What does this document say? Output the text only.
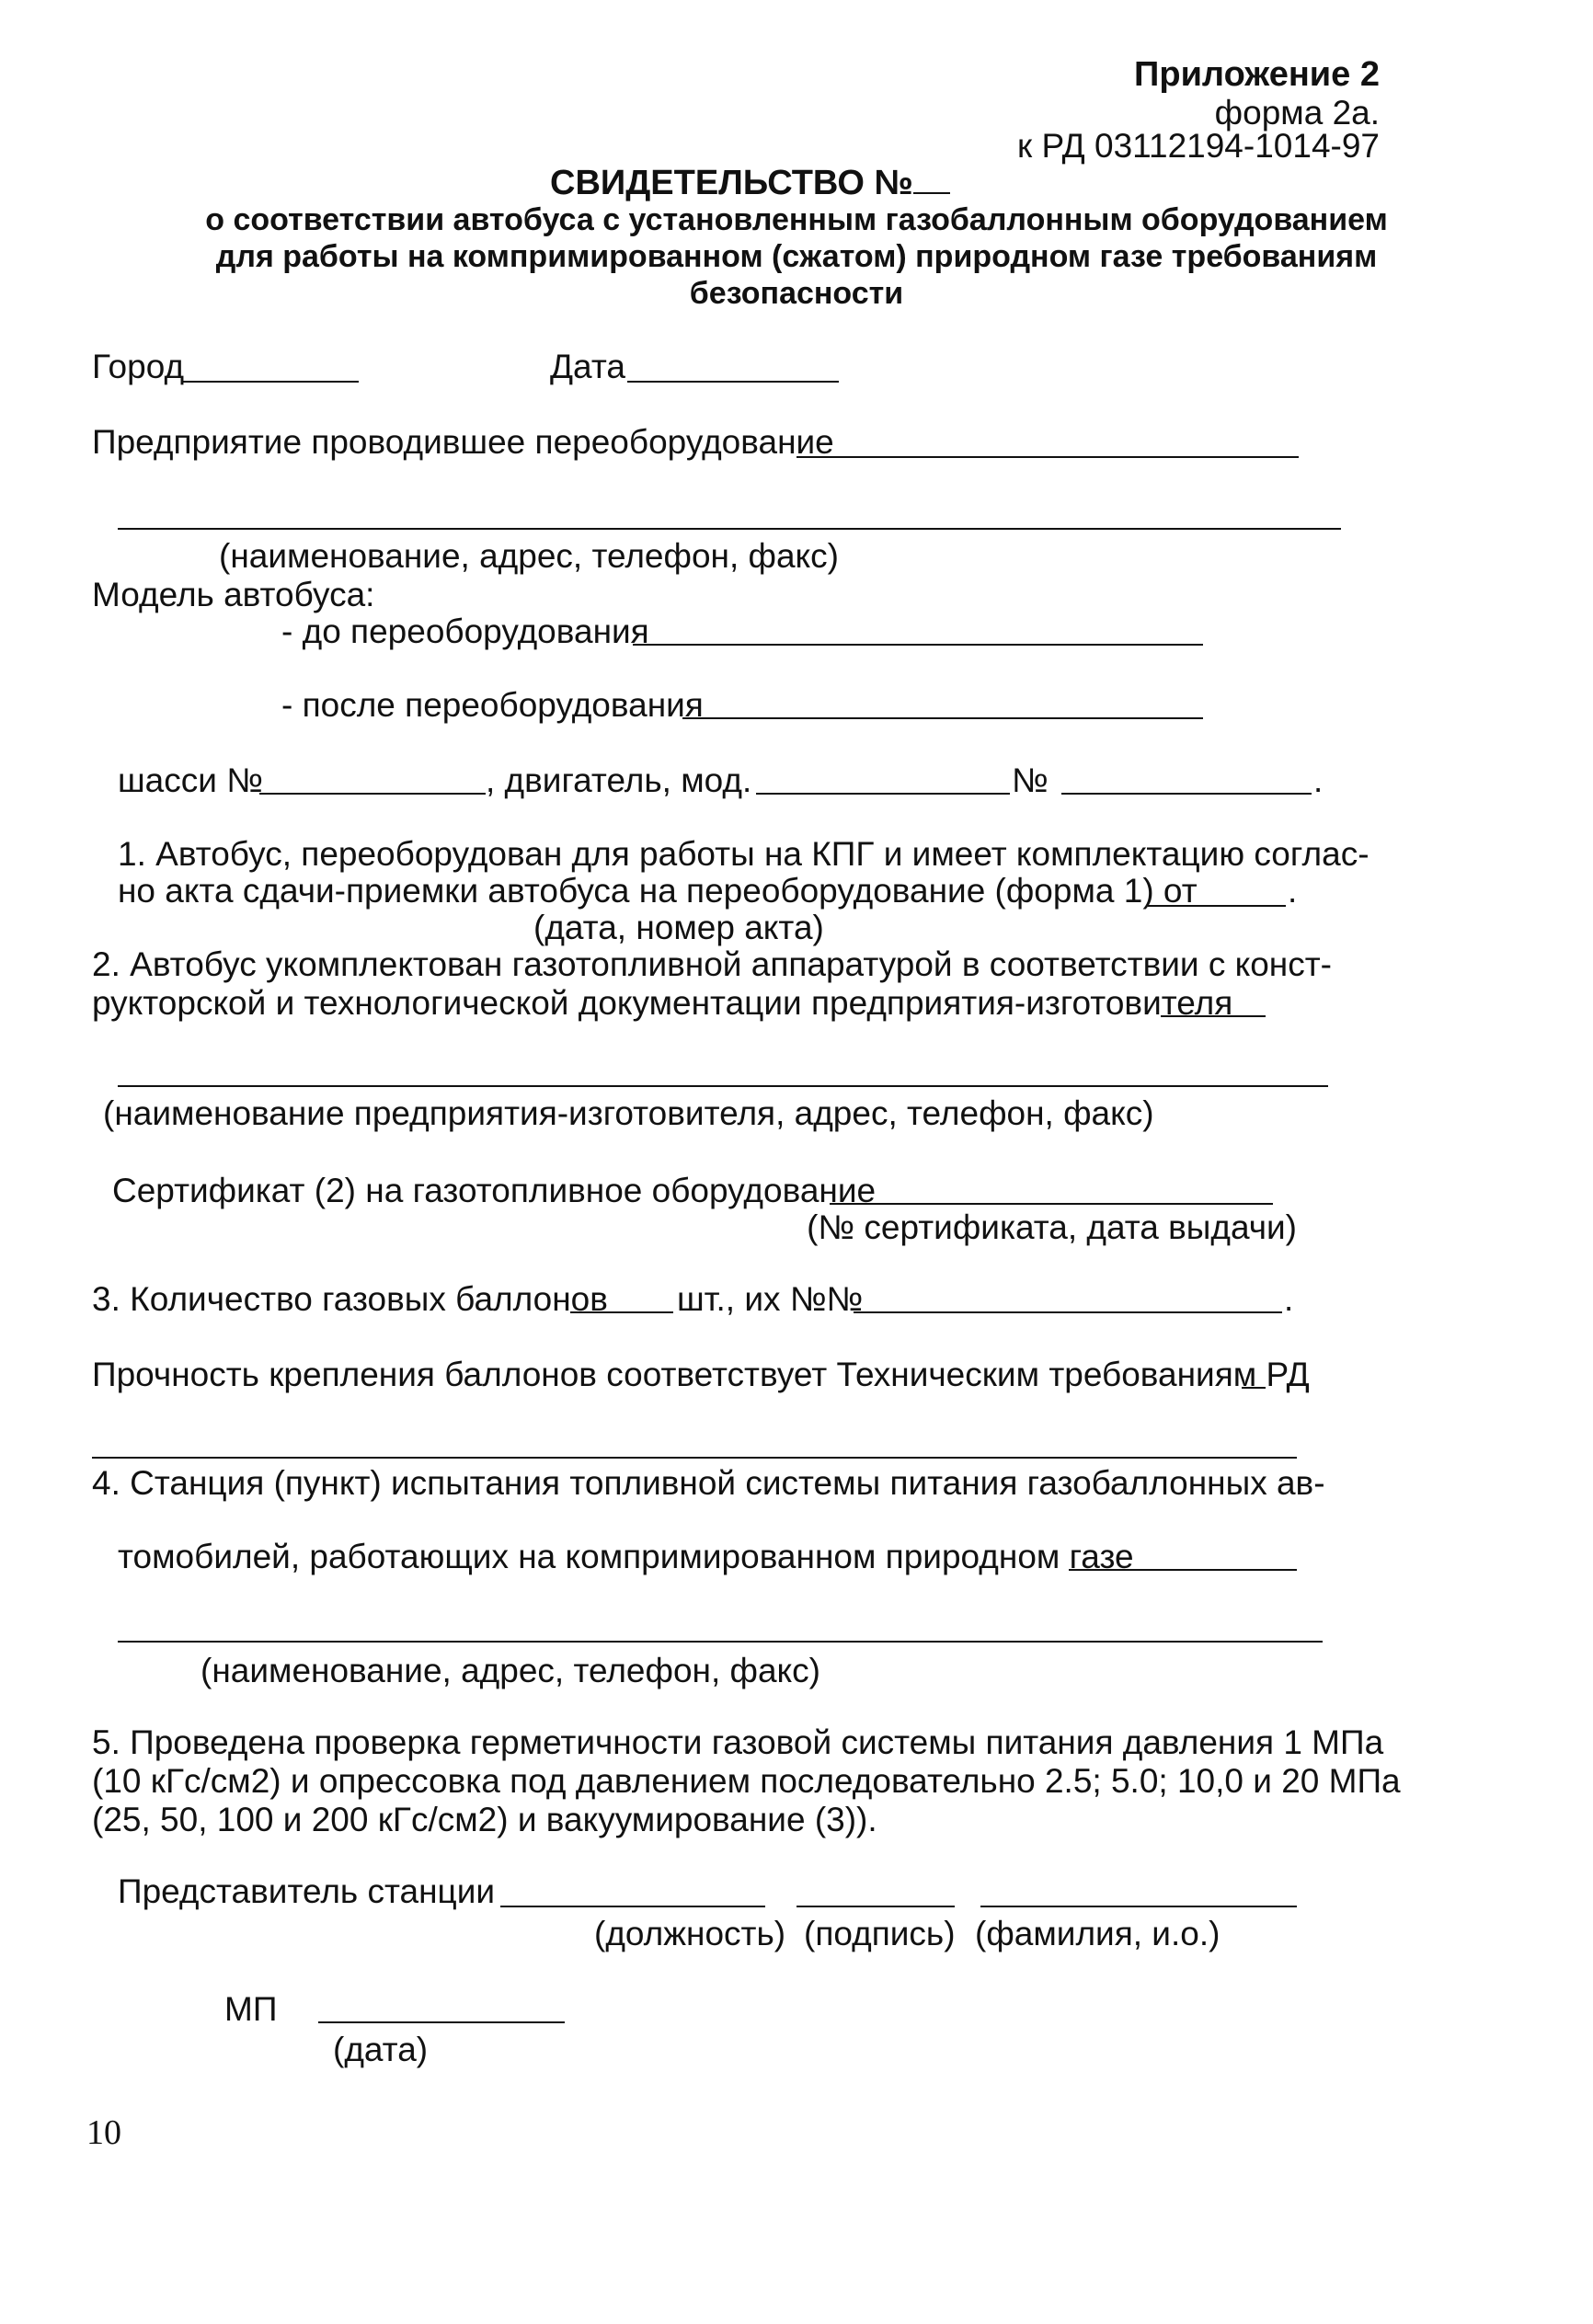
Приложение 2
форма 2а.
к РД 03112194-1014-97
СВИДЕТЕЛЬСТВО №
о соответствии автобуса с установленным газобаллонным оборудованием
для работы на компримированном (сжатом) природном газе требованиям
безопасности
Город	Дата
Предприятие проводившее переоборудование
(наименование, адрес, телефон, факс)
Модель автобуса:
- до переоборудования
- после переоборудования
шасси №	, двигатель, мод.	№	.
1. Автобус, переоборудован для работы на КПГ и имеет комплектацию соглас-
но акта сдачи-приемки автобуса на переоборудование (форма 1) от	.
(дата, номер акта)
2. Автобус укомплектован газотопливной аппаратурой в соответствии с конст-
рукторской и технологической документации предприятия-изготовителя
(наименование предприятия-изготовителя, адрес, телефон, факс)
Сертификат (2) на газотопливное оборудование
(№ сертификата, дата выдачи)
3. Количество газовых баллонов шт., их №№	.
Прочность крепления баллонов соответствует Техническим требованиям РД
4. Станция (пункт) испытания топливной системы питания газобаллонных ав-
томобилей, работающих на компримированном природном газе
(наименование, адрес, телефон, факс)
5. Проведена проверка герметичности газовой системы питания давления 1 МПа
(10 кГс/см2) и опрессовка под давлением последовательно 2.5; 5.0; 10,0 и 20 МПа
(25, 50, 100 и 200 кГс/см2) и вакуумирование (3)).
Представитель станции
(должность) (подпись) (фамилия, и.о.)
МП
(дата)
10
